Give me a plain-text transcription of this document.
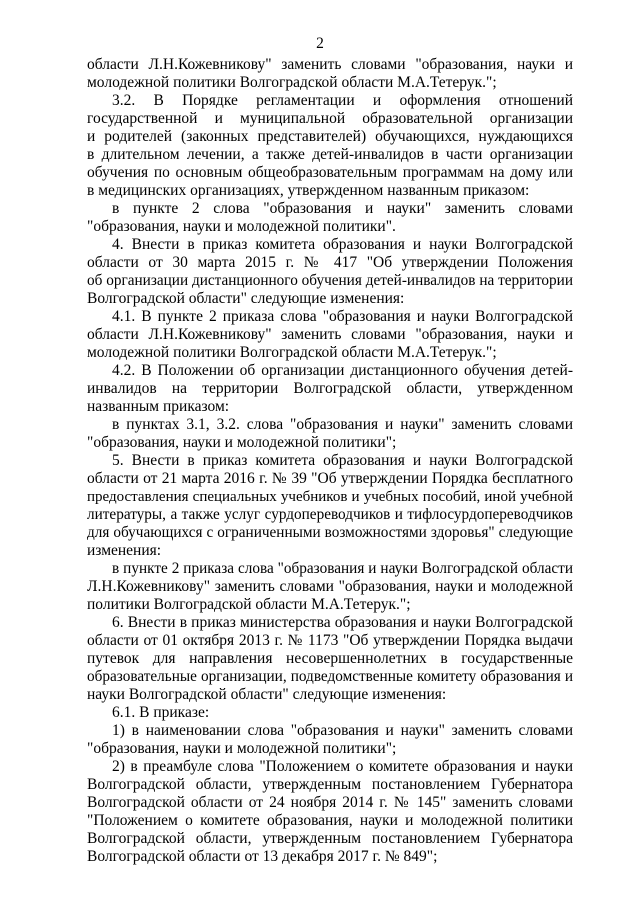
2
области Л.Н.Кожевникову" заменить словами "образования, науки и
молодежной политики Волгоградской области М.А.Тетерук.";
3.2. В Порядке регламентации и оформления отношений
государственной и муниципальной образовательной организации
и родителей (законных представителей) обучающихся, нуждающихся
в длительном лечении, а также детей-инвалидов в части организации
обучения по основным общеобразовательным программам на дому или
в медицинских организациях, утвержденном названным приказом:
в пункте 2 слова "образования и науки" заменить словами
"образования, науки и молодежной политики".
4. Внести в приказ комитета образования и науки Волгоградской
области от 30 марта 2015 г. № 417 "Об утверждении Положения
об организации дистанционного обучения детей-инвалидов на территории
Волгоградской области" следующие изменения:
4.1. В пункте 2 приказа слова "образования и науки Волгоградской
области Л.Н.Кожевникову" заменить словами "образования, науки и
молодежной политики Волгоградской области М.А.Тетерук.";
4.2. В Положении об организации дистанционного обучения детей-
инвалидов на территории Волгоградской области, утвержденном
названным приказом:
в пунктах 3.1, 3.2. слова "образования и науки" заменить словами
"образования, науки и молодежной политики";
5. Внести в приказ комитета образования и науки Волгоградской
области от 21 марта 2016 г. № 39 "Об утверждении Порядка бесплатного
предоставления специальных учебников и учебных пособий, иной учебной
литературы, а также услуг сурдопереводчиков и тифлосурдопереводчиков
для обучающихся с ограниченными возможностями здоровья" следующие
изменения:
в пункте 2 приказа слова "образования и науки Волгоградской области
Л.Н.Кожевникову" заменить словами "образования, науки и молодежной
политики Волгоградской области М.А.Тетерук.";
6. Внести в приказ министерства образования и науки Волгоградской
области от 01 октября 2013 г. № 1173 "Об утверждении Порядка выдачи
путевок для направления несовершеннолетних в государственные
образовательные организации, подведомственные комитету образования и
науки Волгоградской области" следующие изменения:
6.1. В приказе:
1) в наименовании слова "образования и науки" заменить словами
"образования, науки и молодежной политики";
2) в преамбуле слова "Положением о комитете образования и науки
Волгоградской области, утвержденным постановлением Губернатора
Волгоградской области от 24 ноября 2014 г. № 145" заменить словами
"Положением о комитете образования, науки и молодежной политики
Волгоградской области, утвержденным постановлением Губернатора
Волгоградской области от 13 декабря 2017 г. № 849";
